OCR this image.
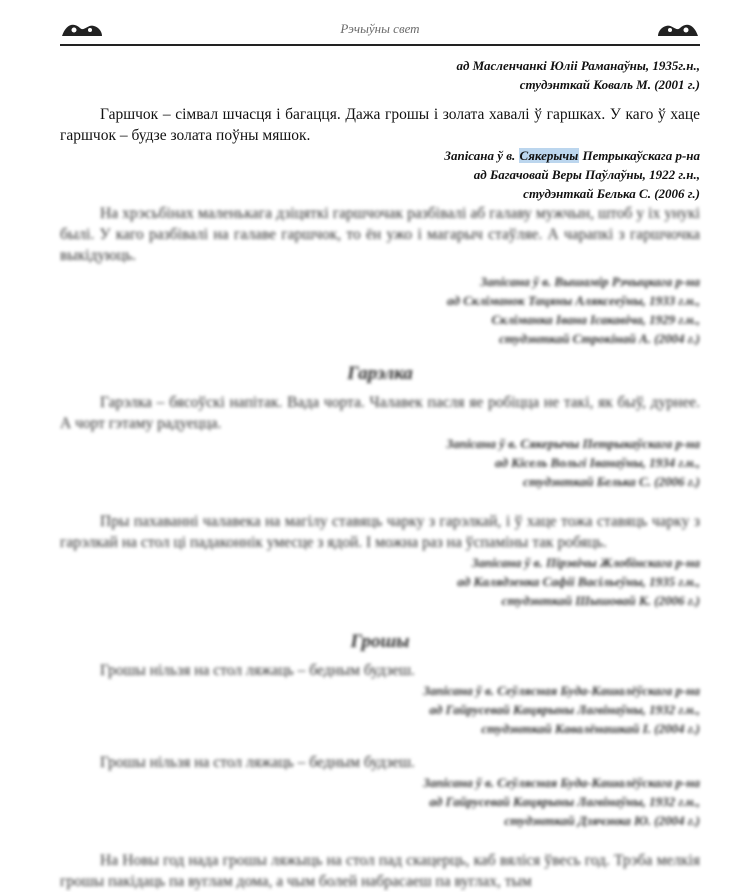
Рэчыўны свет
ад Масленчанкі Юліі Раманаўны, 1935г.н.,
студэнткай Коваль М. (2001 г.)

Гаршчок – сімвал шчасця і багацця. Дажа грошы і золата хавалі ў гаршках. У каго ў хаце гаршчок – будзе золата поўны мяшок.

Запісана ў в. Сякерычы Петрыкаўскага р-на
ад Багачовай Веры Паўлаўны, 1922 г.н.,
студэнткай Белька С. (2006 г.)

На хрэсьбінах маленькага дзіцяткі гаршчочак разбівалі аб галаву мужчын, штоб у іх унукі былі. У каго разбівалі на галаве гаршчок, то ён ужо і магарыч стаўляе. А чарапкі з гаршчочка выкідуюць.

Запісана ў в. Вышамір Рэчыцкага р-на
ад Скліманок Тацяны Аляксееўны, 1933 г.н.,
Скліманка Івана Ісакавіча, 1929 г.н.,
студэнткай Строкінай А. (2004 г.)
Гарэлка

Гарэлка – бясоўскі напітак. Вада чорта. Чалавек пасля яе робіцца не такі, як быў, дурнее. А чорт гэтаму радуецца.

Запісана ў в. Сякерычы Петрыкаўскага р-на
ад Кісель Вольгі Іванаўны, 1934 г.н.,
студэнткай Белька С. (2006 г.)

Пры пахаванні чалавека на магілу ставяць чарку з гарэлкай, і ў хаце тожа ставяць чарку з гарэлкай на стол ці падаконнік умесце з ядой. І можна раз на ўспаміны так робяць.

Запісана ў в. Пірэвічы Жлобінскага р-на
ад Калядзенка Сафіі Васільеўны, 1935 г.н.,
студэнткай Шышовай К. (2006 г.)
Грошы

Грошы нільзя на стол ляжаць – бедным будзеш.

Запісана ў в. Сеўлясная Буда-Кашалёўскага р-на
ад Гайрусевай Кацярыны Лагвінаўны, 1932 г.н.,
студэнткай Кавалёнашкай І. (2004 г.)

Грошы нільзя на стол ляжаць – бедным будзеш.

Запісана ў в. Сеўлясная Буда-Кашалёўскага р-на
ад Гайрусевай Кацярыны Лагвінаўны, 1932 г.н.,
студэнткай Дзячэнка Ю. (2004 г.)

На Новы год нада грошы ляжыць на стол пад скацерць, каб вяліся ўвесь год. Трэба мелкія грошы пакідаць па вуглам дома, а чым болей набрасаеш па вуглах, тым
